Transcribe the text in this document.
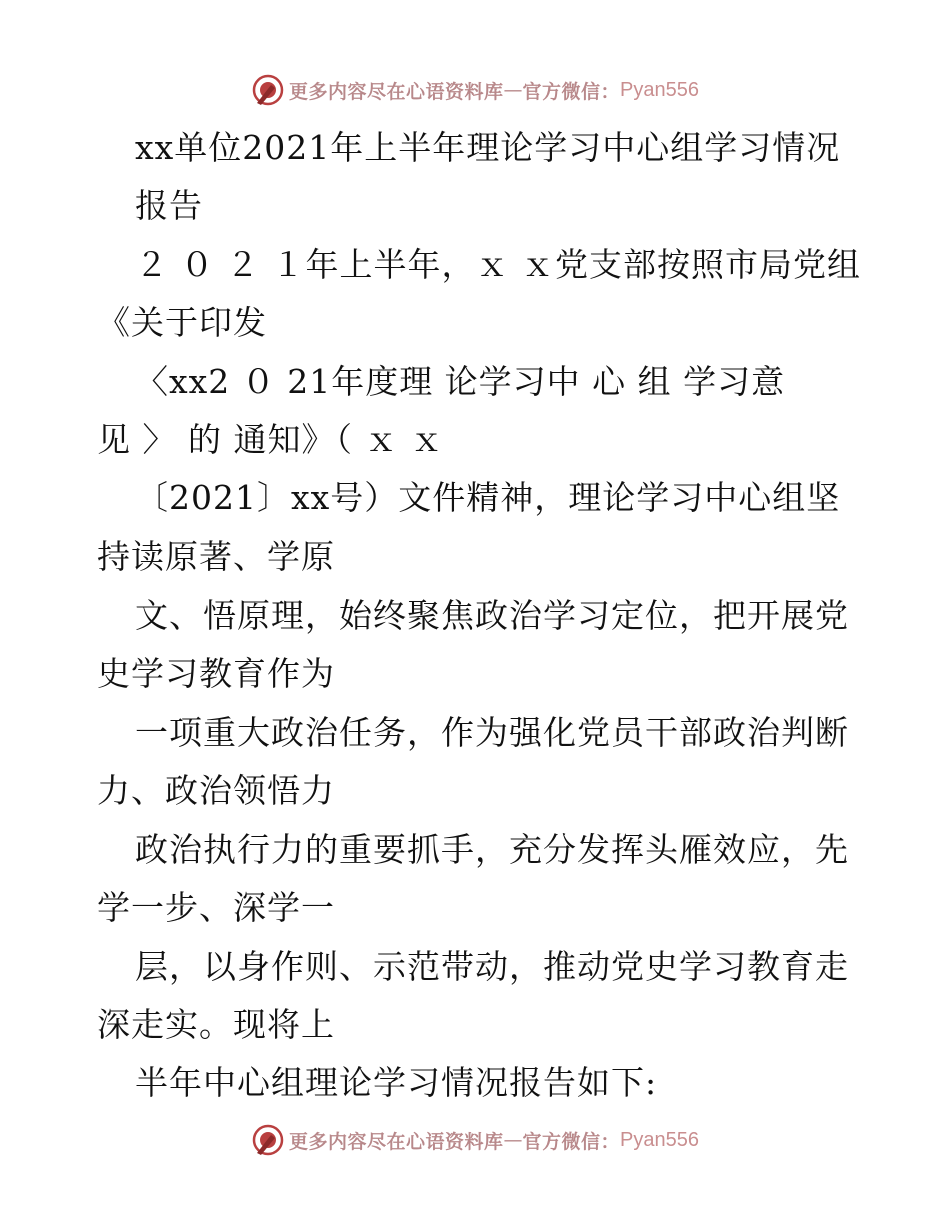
更多内容尽在心语资料库 — 官方微信： Pyan556
xx单位2021年上半年理论学习中心组学习情况
报告
２ ０ ２ １年上半年，ｘ ｘ党支部按照市局党组
《关于印发
〈xx2 ０ 21年度理 论学习中 心 组 学习意
见 〉 的 通知》（ ｘ ｘ
〔2021〕xx号）文件精神，理论学习中心组坚
持读原著、学原
文、悟原理，始终聚焦政治学习定位，把开展党
史学习教育作为
一项重大政治任务，作为强化党员干部政治判断
力、政治领悟力
政治执行力的重要抓手，充分发挥头雁效应，先
学一步、深学一
层，以身作则、示范带动，推动党史学习教育走
深走实。现将上
半年中心组理论学习情况报告如下:
更多内容尽在心语资料库 — 官方微信： Pyan556
